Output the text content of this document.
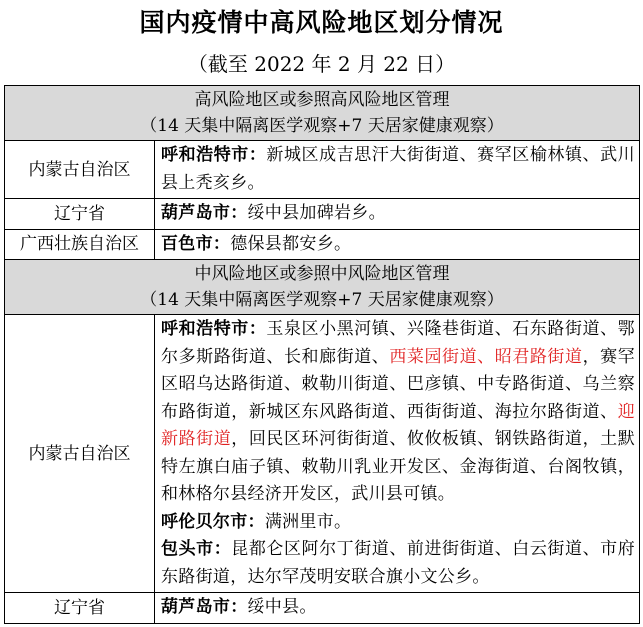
国内疫情中高风险地区划分情况
（截至 2022 年 2 月 22 日）
高风险地区或参照高风险地区管理
（14 天集中隔离医学观察+7 天居家健康观察）	

内蒙古自治区	呼和浩特市：新城区成吉思汗大街街道、赛罕区榆林镇、武川县上秃亥乡。
辽宁省	葫芦岛市：绥中县加碑岩乡。
广西壮族自治区	百色市：德保县都安乡。

中风险地区或参照中风险地区管理
（14 天集中隔离医学观察+7 天居家健康观察）	

内蒙古自治区	呼和浩特市：玉泉区小黑河镇、兴隆巷街道、石东路街道、鄂尔多斯路街道、长和廊街道、西菜园街道、昭君路街道，赛罕区昭乌达路街道、敕勒川街道、巴彦镇、中专路街道、乌兰察布路街道，新城区东风路街道、西街街道、海拉尔路街道、迎新路街道，回民区环河街街道、攸攸板镇、钢铁路街道，土默特左旗白庙子镇、敕勒川乳业开发区、金海街道、台阁牧镇，和林格尔县经济开发区，武川县可镇。
呼伦贝尔市：满洲里市。
包头市：昆都仑区阿尔丁街道、前进街街道、白云街道、市府东路街道，达尔罕茂明安联合旗小文公乡。

辽宁省	葫芦岛市：绥中县。
